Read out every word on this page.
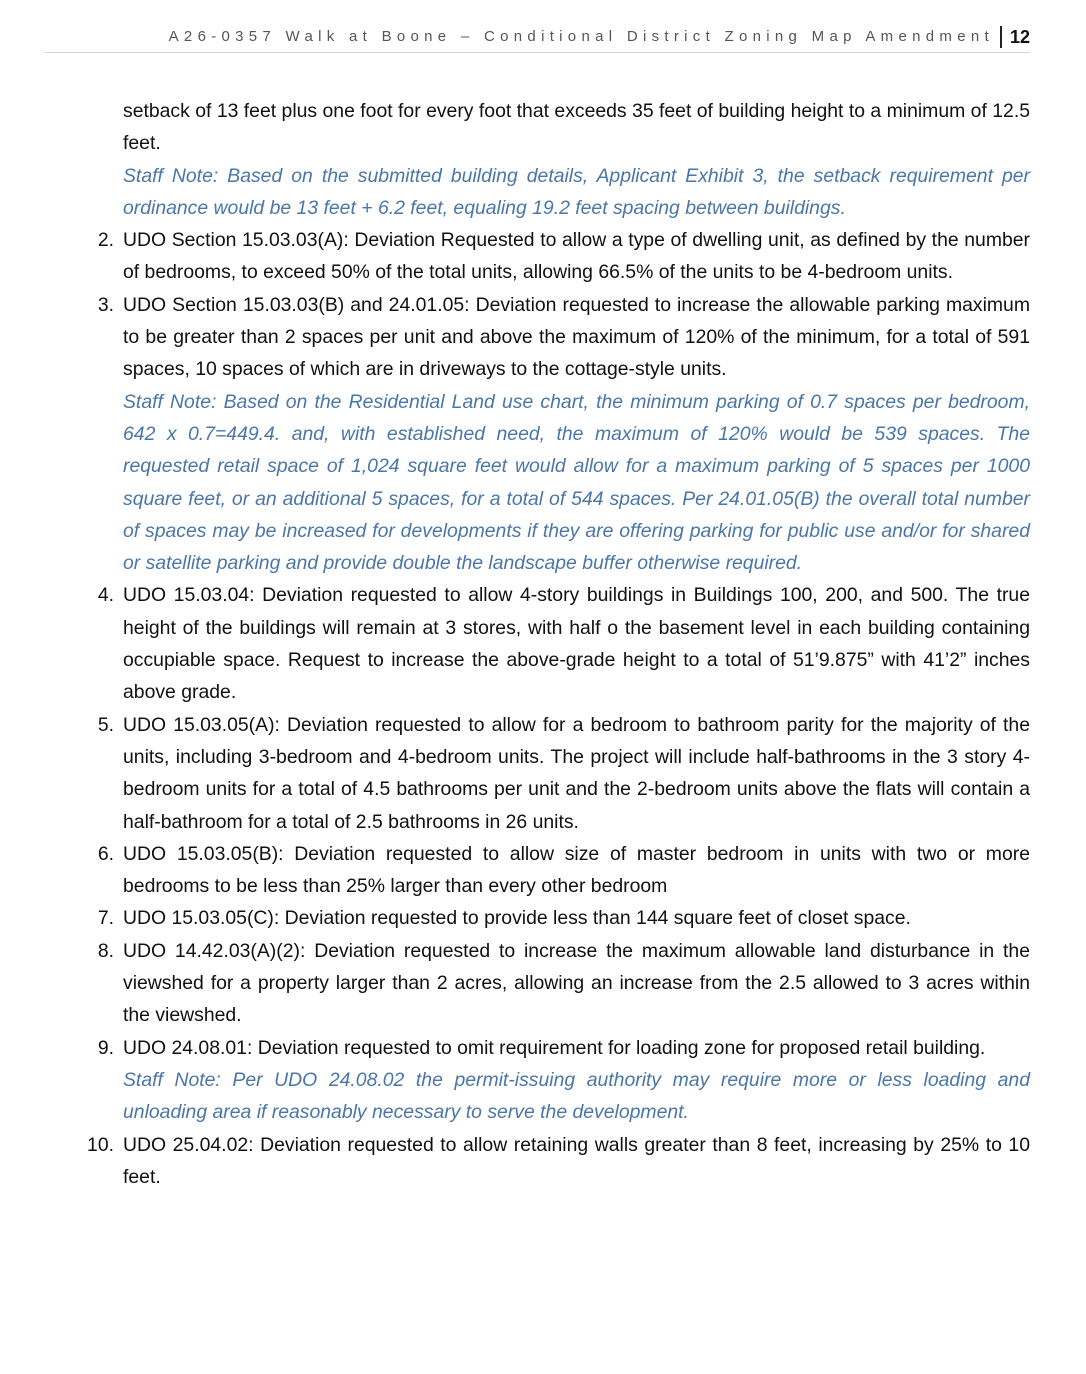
A26-0357 Walk at Boone – Conditional District Zoning Map Amendment 12
setback of 13 feet plus one foot for every foot that exceeds 35 feet of building height to a minimum of 12.5 feet.
Staff Note: Based on the submitted building details, Applicant Exhibit 3, the setback requirement per ordinance would be 13 feet + 6.2 feet, equaling 19.2 feet spacing between buildings.
2. UDO Section 15.03.03(A): Deviation Requested to allow a type of dwelling unit, as defined by the number of bedrooms, to exceed 50% of the total units, allowing 66.5% of the units to be 4-bedroom units.
3. UDO Section 15.03.03(B) and 24.01.05: Deviation requested to increase the allowable parking maximum to be greater than 2 spaces per unit and above the maximum of 120% of the minimum, for a total of 591 spaces, 10 spaces of which are in driveways to the cottage-style units.
Staff Note: Based on the Residential Land use chart, the minimum parking of 0.7 spaces per bedroom, 642 x 0.7=449.4. and, with established need, the maximum of 120% would be 539 spaces. The requested retail space of 1,024 square feet would allow for a maximum parking of 5 spaces per 1000 square feet, or an additional 5 spaces, for a total of 544 spaces. Per 24.01.05(B) the overall total number of spaces may be increased for developments if they are offering parking for public use and/or for shared or satellite parking and provide double the landscape buffer otherwise required.
4. UDO 15.03.04: Deviation requested to allow 4-story buildings in Buildings 100, 200, and 500. The true height of the buildings will remain at 3 stores, with half o the basement level in each building containing occupiable space. Request to increase the above-grade height to a total of 51’9.875” with 41’2” inches above grade.
5. UDO 15.03.05(A): Deviation requested to allow for a bedroom to bathroom parity for the majority of the units, including 3-bedroom and 4-bedroom units. The project will include half-bathrooms in the 3 story 4-bedroom units for a total of 4.5 bathrooms per unit and the 2-bedroom units above the flats will contain a half-bathroom for a total of 2.5 bathrooms in 26 units.
6. UDO 15.03.05(B): Deviation requested to allow size of master bedroom in units with two or more bedrooms to be less than 25% larger than every other bedroom
7. UDO 15.03.05(C): Deviation requested to provide less than 144 square feet of closet space.
8. UDO 14.42.03(A)(2): Deviation requested to increase the maximum allowable land disturbance in the viewshed for a property larger than 2 acres, allowing an increase from the 2.5 allowed to 3 acres within the viewshed.
9. UDO 24.08.01: Deviation requested to omit requirement for loading zone for proposed retail building.
Staff Note: Per UDO 24.08.02 the permit-issuing authority may require more or less loading and unloading area if reasonably necessary to serve the development.
10. UDO 25.04.02: Deviation requested to allow retaining walls greater than 8 feet, increasing by 25% to 10 feet.
